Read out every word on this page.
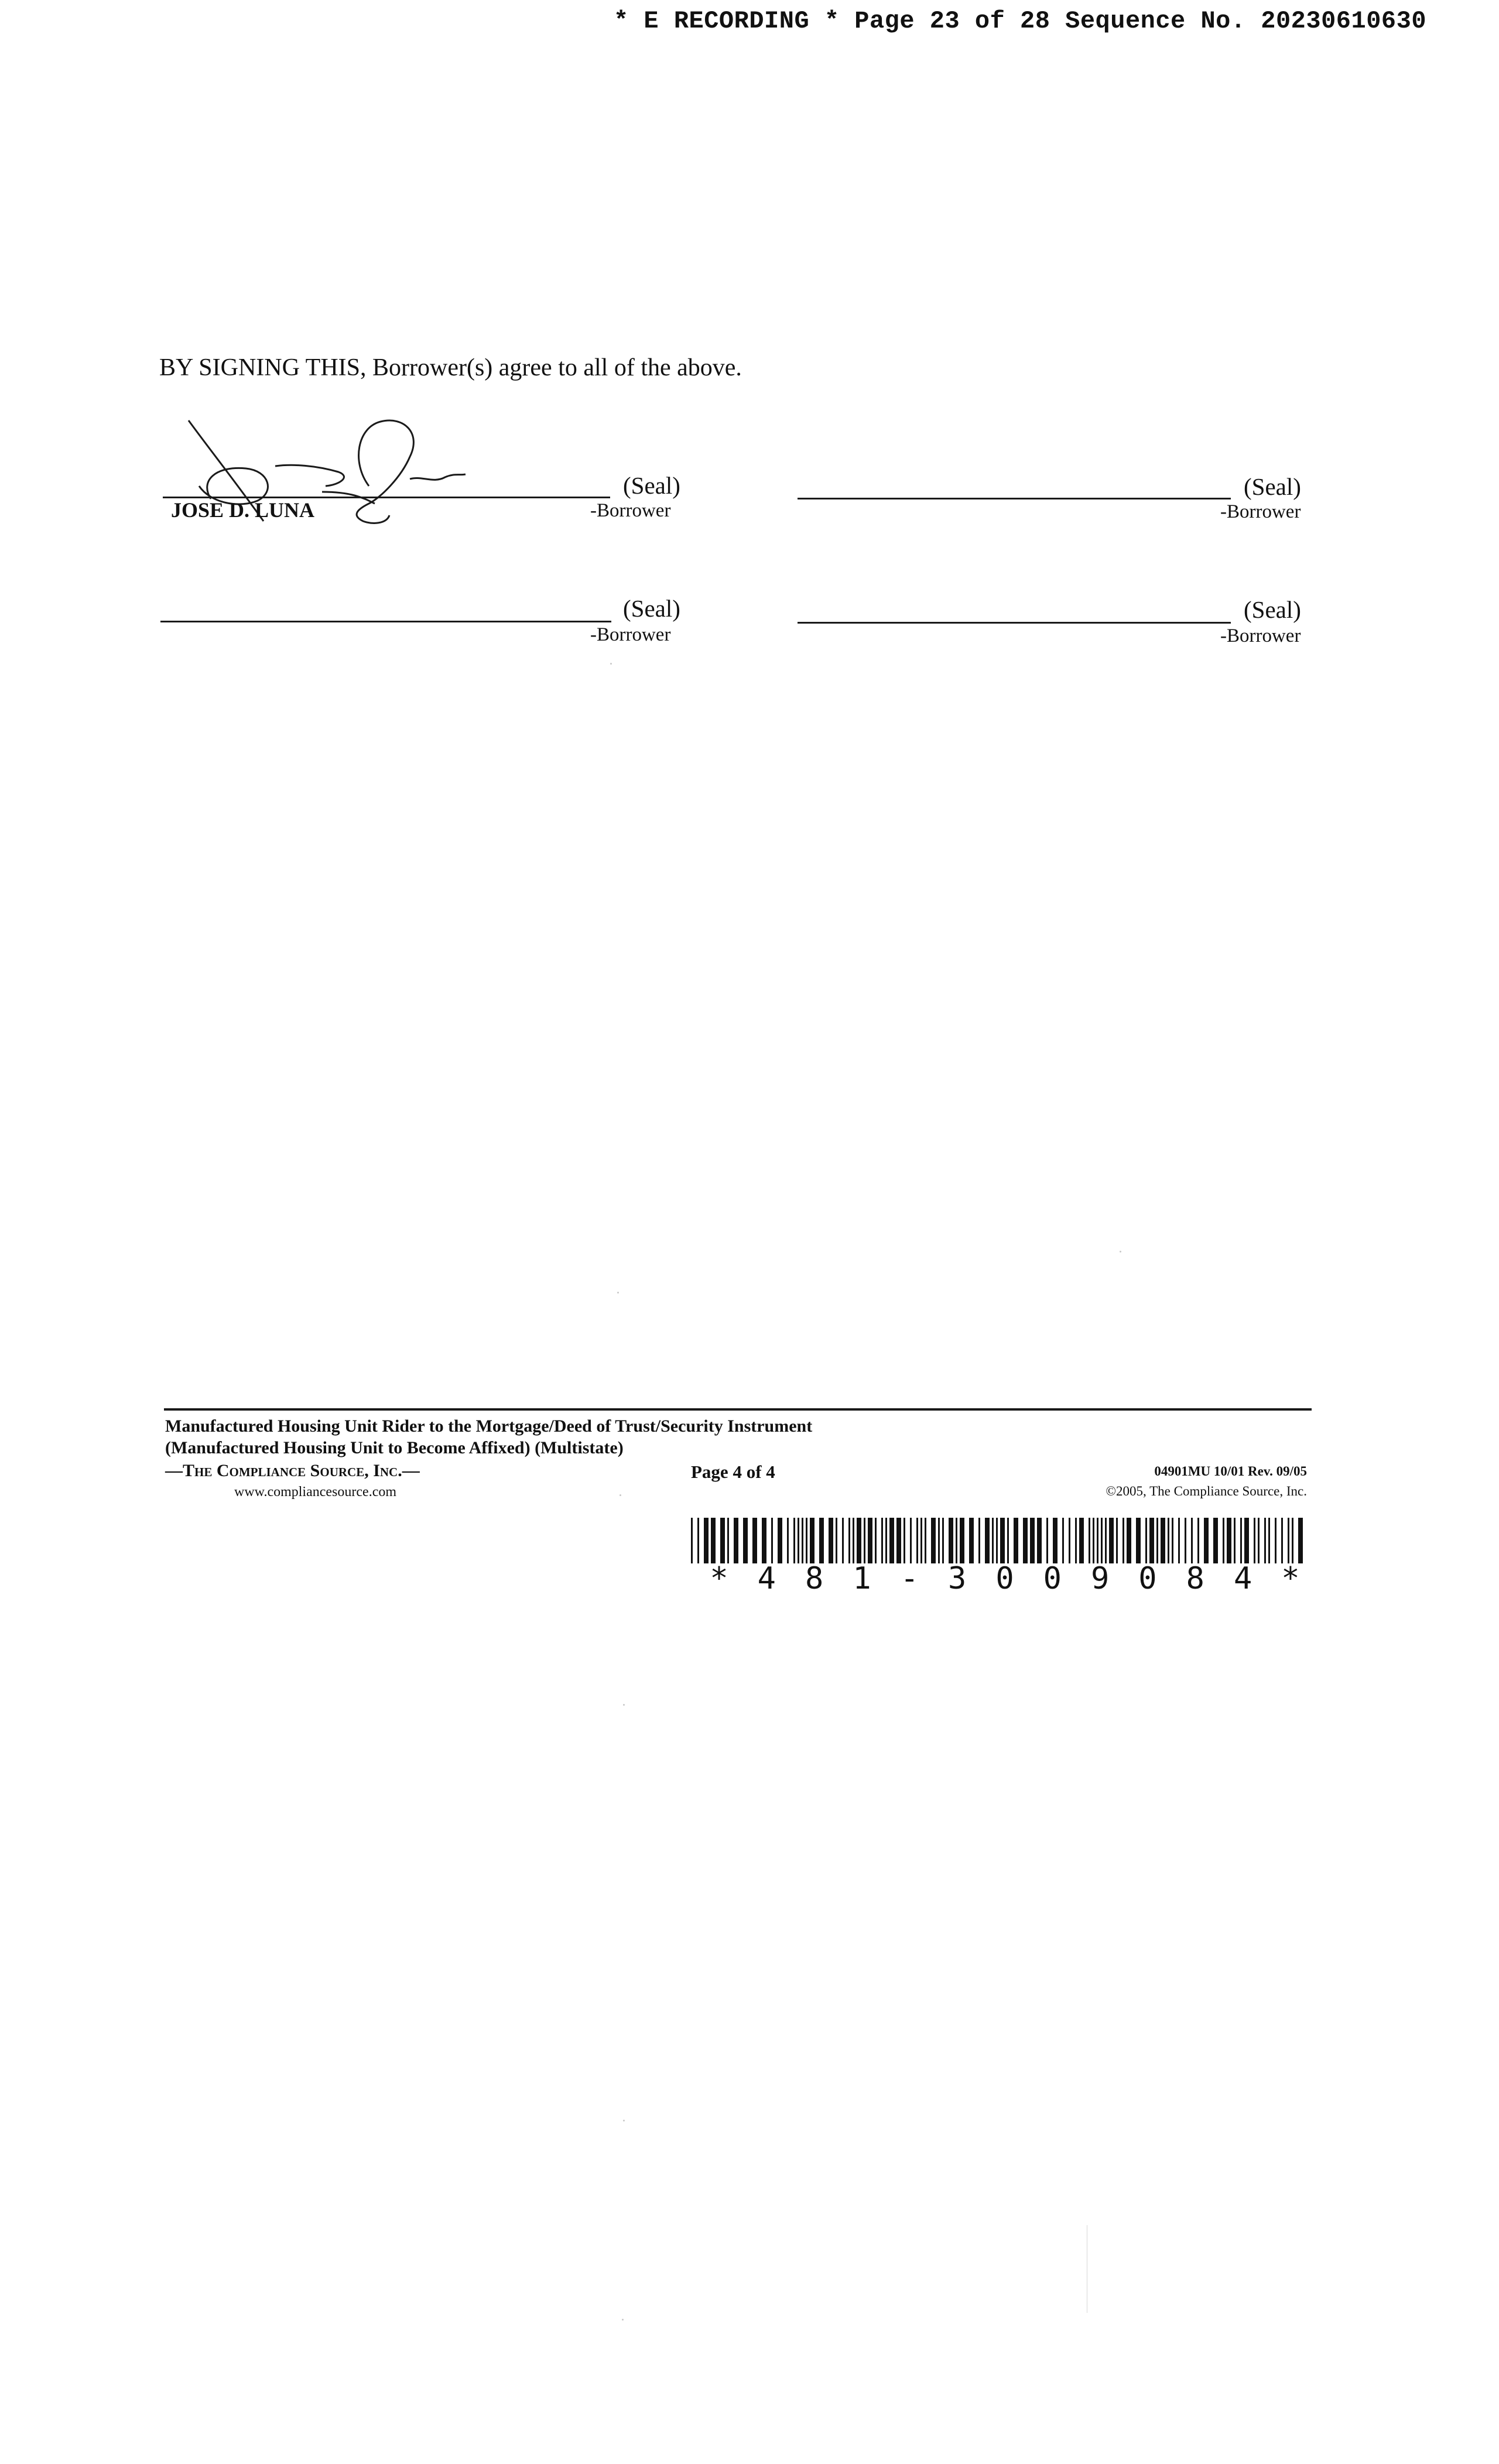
* E RECORDING * Page 23 of 28 Sequence No. 20230610630
BY SIGNING THIS, Borrower(s) agree to all of the above.
(Seal)
-Borrower
JOSE D. LUNA
(Seal)
-Borrower
(Seal)
-Borrower
(Seal)
-Borrower
Manufactured Housing Unit Rider to the Mortgage/Deed of Trust/Security Instrument
(Manufactured Housing Unit to Become Affixed) (Multistate)
—The Compliance Source, Inc.—
www.compliancesource.com
Page 4 of 4	04901MU 10/01 Rev. 09/05
©2005, The Compliance Source, Inc.
* 4 8 1 - 3 0 0 9 0 8 4 *
